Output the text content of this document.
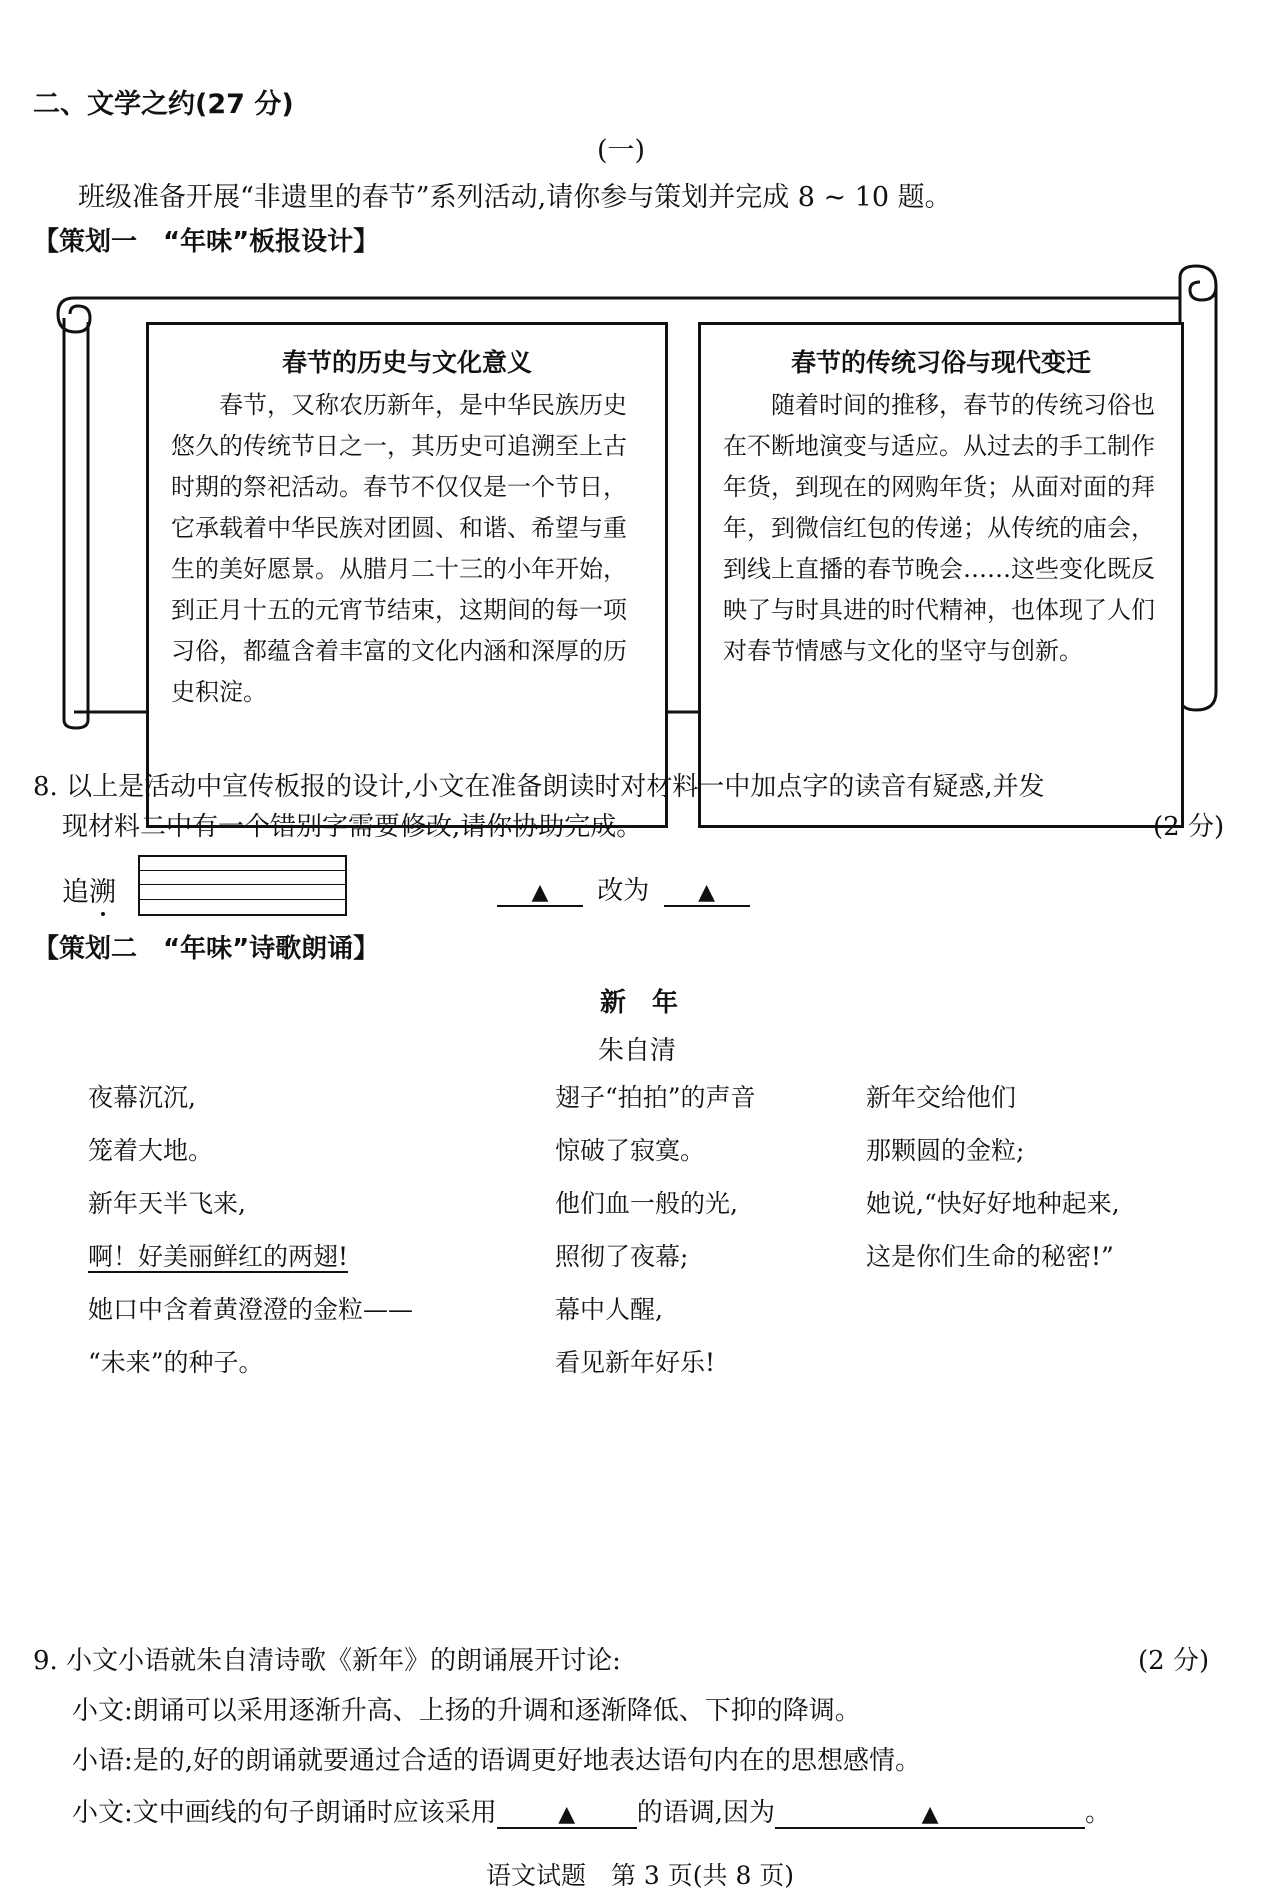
二、文学之约(27 分)
(一)
班级准备开展“非遗里的春节”系列活动,请你参与策划并完成 8 ~ 10 题。
【策划一　“年味”板报设计】
春节的历史与文化意义
　　春节，又称农历新年，是中华民族历史悠久的传统节日之一，其历史可追溯至上古时期的祭祀活动。春节不仅仅是一个节日，它承载着中华民族对团圆、和谐、希望与重生的美好愿景。从腊月二十三的小年开始，到正月十五的元宵节结束，这期间的每一项习俗，都蕴含着丰富的文化内涵和深厚的历史积淀。
春节的传统习俗与现代变迁
　　随着时间的推移，春节的传统习俗也在不断地演变与适应。从过去的手工制作年货，到现在的网购年货；从面对面的拜年，到微信红包的传递；从传统的庙会，到线上直播的春节晚会……这些变化既反映了与时具进的时代精神，也体现了人们对春节情感与文化的坚守与创新。
8. 以上是活动中宣传板报的设计,小文在准备朗读时对材料一中加点字的读音有疑惑,并发
现材料二中有一个错别字需要修改,请你协助完成。	(2 分)
追溯	▲ 改为 ▲
【策划二　“年味”诗歌朗诵】
新　年
朱自清
夜幕沉沉,
笼着大地。
新年天半飞来,
啊！好美丽鲜红的两翅!
她口中含着黄澄澄的金粒——
“未来”的种子。
翅子“拍拍”的声音
惊破了寂寞。
他们血一般的光,
照彻了夜幕;
幕中人醒,
看见新年好乐!
新年交给他们
那颗圆的金粒;
她说,“快好好地种起来,
这是你们生命的秘密!”
9. 小文小语就朱自清诗歌《新年》的朗诵展开讨论:	(2 分)
小文:朗诵可以采用逐渐升高、上扬的升调和逐渐降低、下抑的降调。
小语:是的,好的朗诵就要通过合适的语调更好地表达语句内在的思想感情。
小文:文中画线的句子朗诵时应该采用	▲ 的语调,因为	▲	。
语文试题　第 3 页(共 8 页)
